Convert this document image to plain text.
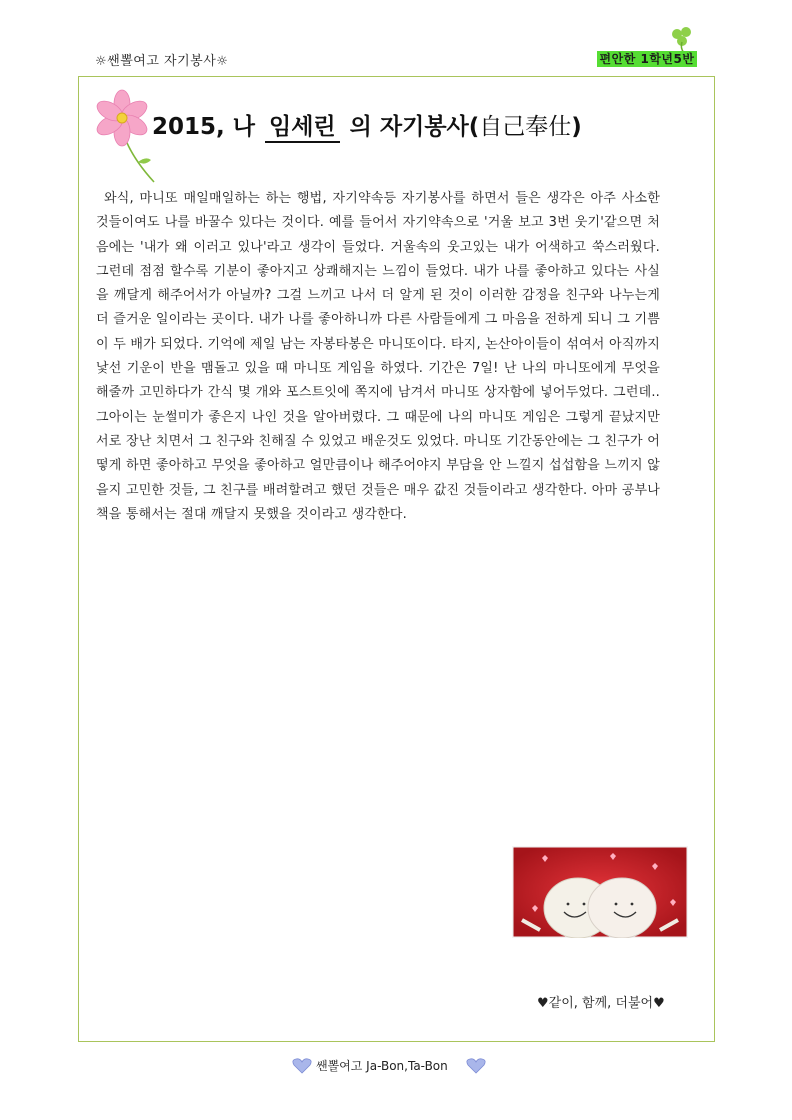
☼쌘뽈여고 자기봉사☼	편안한 1학년5반
2015, 나 임세린 의 자기봉사(自己奉仕)
와식, 마니또 매일매일하는 하는 행법, 자기약속등 자기봉사를 하면서 들은 생각은 아주 사소한 것들이여도 나를 바꿀수 있다는 것이다. 예를 들어서 자기약속으로 '거울 보고 3번 웃기'같으면 처음에는 '내가 왜 이러고 있나'라고 생각이 들었다. 거울속의 웃고있는 내가 어색하고 쑥스러웠다. 그런데 점점 할수록 기분이 좋아지고 상쾌해지는 느낌이 들었다. 내가 나를 좋아하고 있다는 사실을 깨달게 해주어서가 아닐까? 그걸 느끼고 나서 더 알게 된 것이 이러한 감정을 친구와 나누는게 더 즐거운 일이라는 곳이다. 내가 나를 좋아하니까 다른 사람들에게 그 마음을 전하게 되니 그 기쁨이 두 배가 되었다. 기억에 제일 남는 자봉타봉은 마니또이다. 타지, 논산아이들이 섞여서 아직까지 낯선 기운이 반을 맴돌고 있을 때 마니또 게임을 하였다. 기간은 7일! 난 나의 마니또에게 무엇을 해줄까 고민하다가 간식 몇 개와 포스트잇에 쪽지에 남겨서 마니또 상자함에 넣어두었다. 그런데.. 그아이는 눈썰미가 좋은지 나인 것을 알아버렸다. 그 때문에 나의 마니또 게임은 그렇게 끝났지만 서로 장난 치면서 그 친구와 친해질 수 있었고 배운것도 있었다. 마니또 기간동안에는 그 친구가 어떻게 하면 좋아하고 무엇을 좋아하고 얼만큼이나 해주어야지 부담을 안 느낄지 섭섭함을 느끼지 않을지 고민한 것들, 그 친구를 배려할려고 했던 것들은 매우 값진 것들이라고 생각한다. 아마 공부나 책을 통해서는 절대 깨달지 못했을 것이라고 생각한다.
♥같이, 함께, 더불어♥
쌘뽈여고 Ja-Bon,Ta-Bon
